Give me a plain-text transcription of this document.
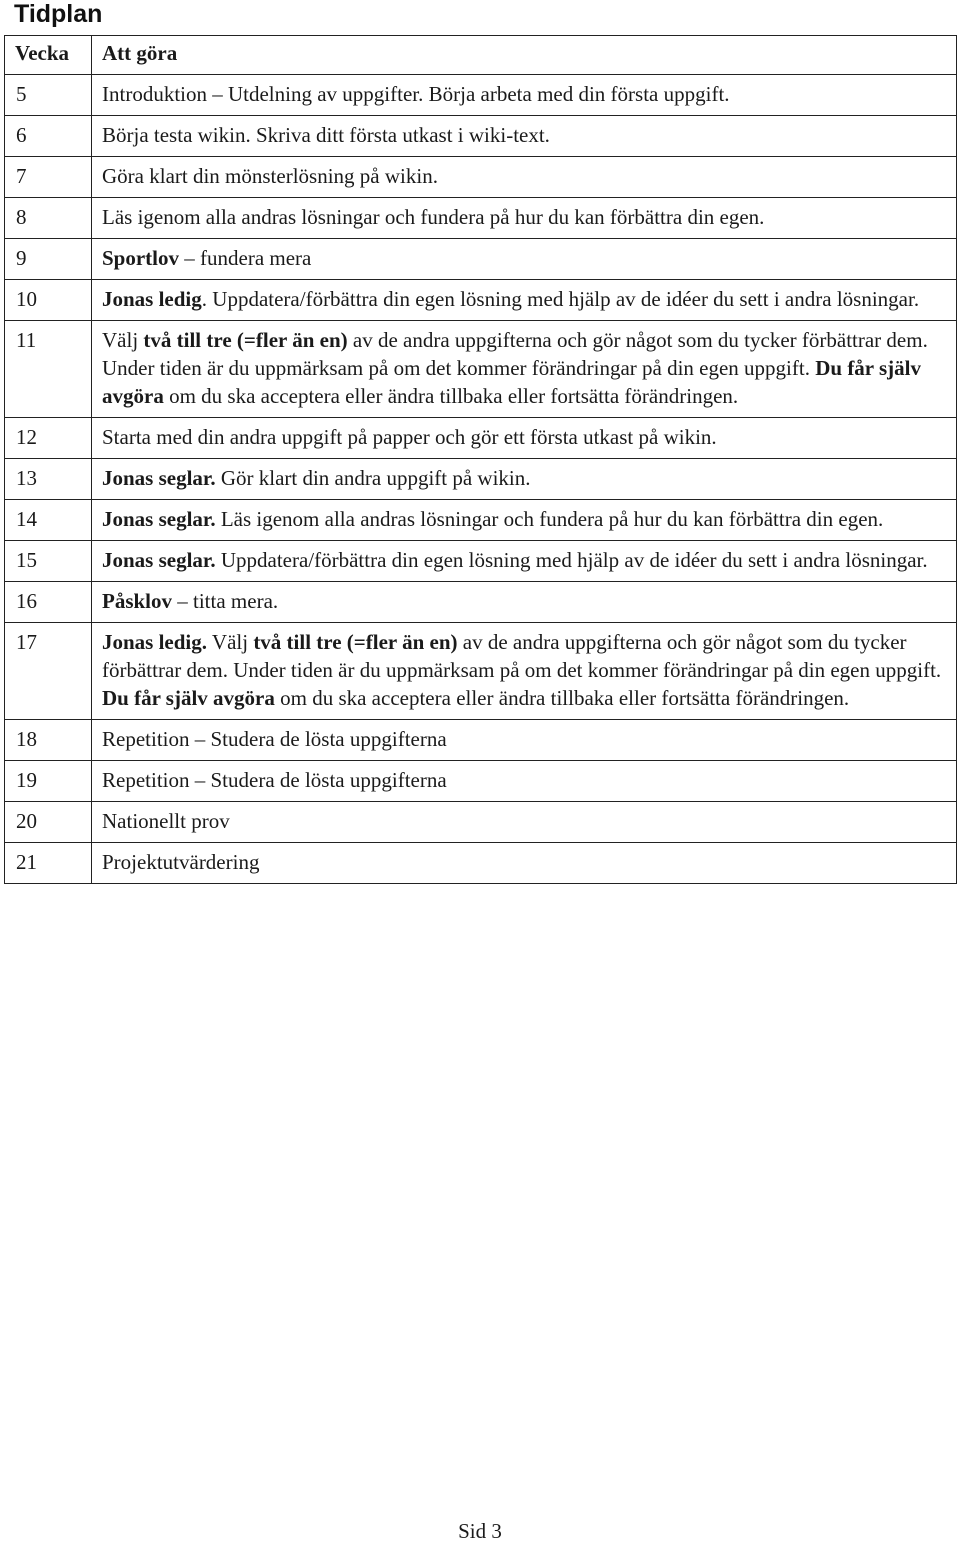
Tidplan
Vecka	Att göra
5	Introduktion – Utdelning av uppgifter. Börja arbeta med din första uppgift.
6	Börja testa wikin. Skriva ditt första utkast i wiki-text.
7	Göra klart din mönsterlösning på wikin.
8	Läs igenom alla andras lösningar och fundera på hur du kan förbättra din egen.
9	Sportlov – fundera mera
10	Jonas ledig. Uppdatera/förbättra din egen lösning med hjälp av de idéer du sett i andra lösningar.
11	Välj två till tre (=fler än en) av de andra uppgifterna och gör något som du tycker förbättrar dem. Under tiden är du uppmärksam på om det kommer förändringar på din egen uppgift. Du får själv avgöra om du ska acceptera eller ändra tillbaka eller fortsätta förändringen.
12	Starta med din andra uppgift på papper och gör ett första utkast på wikin.
13	Jonas seglar. Gör klart din andra uppgift på wikin.
14	Jonas seglar. Läs igenom alla andras lösningar och fundera på hur du kan förbättra din egen.
15	Jonas seglar. Uppdatera/förbättra din egen lösning med hjälp av de idéer du sett i andra lösningar.
16	Påsklov – titta mera.
17	Jonas ledig. Välj två till tre (=fler än en) av de andra uppgifterna och gör något som du tycker förbättrar dem. Under tiden är du uppmärksam på om det kommer förändringar på din egen uppgift. Du får själv avgöra om du ska acceptera eller ändra tillbaka eller fortsätta förändringen.
18	Repetition – Studera de lösta uppgifterna
19	Repetition – Studera de lösta uppgifterna
20	Nationellt prov
21	Projektutvärdering
Sid 3
